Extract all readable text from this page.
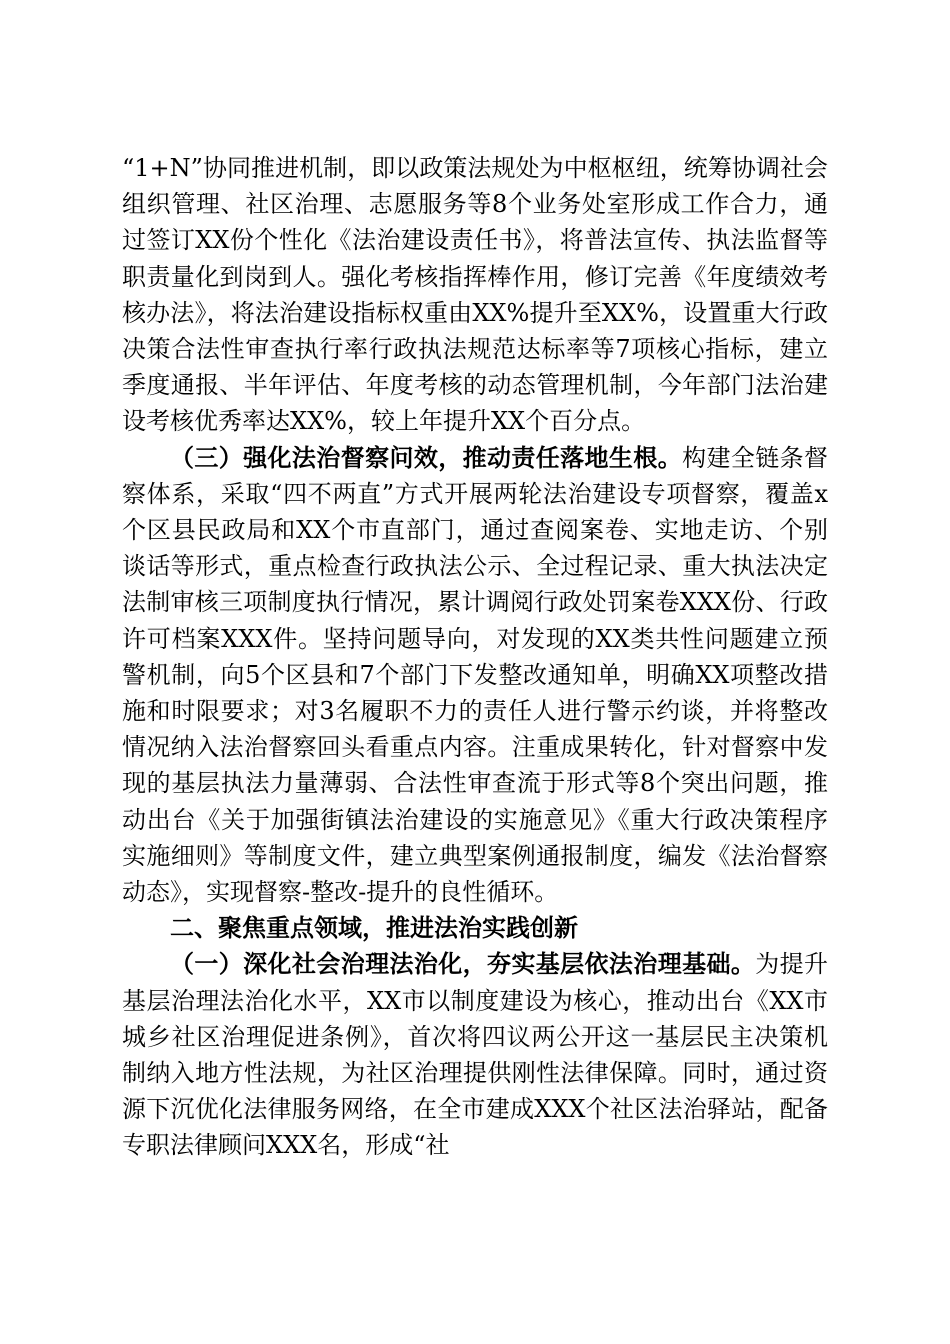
“1+N”协同推进机制，即以政策法规处为中枢枢纽，统筹协调社会组织管理、社区治理、志愿服务等8个业务处室形成工作合力，通过签订XX份个性化《法治建设责任书》，将普法宣传、执法监督等职责量化到岗到人。强化考核指挥棒作用，修订完善《年度绩效考核办法》，将法治建设指标权重由XX%提升至XX%，设置重大行政决策合法性审查执行率行政执法规范达标率等7项核心指标，建立季度通报、半年评估、年度考核的动态管理机制，今年部门法治建设考核优秀率达XX%，较上年提升XX个百分点。

（三）强化法治督察问效，推动责任落地生根。构建全链条督察体系，采取“四不两直”方式开展两轮法治建设专项督察，覆盖x个区县民政局和XX个市直部门，通过查阅案卷、实地走访、个别谈话等形式，重点检查行政执法公示、全过程记录、重大执法决定法制审核三项制度执行情况，累计调阅行政处罚案卷XXX份、行政许可档案XXX件。坚持问题导向，对发现的XX类共性问题建立预警机制，向5个区县和7个部门下发整改通知单，明确XX项整改措施和时限要求；对3名履职不力的责任人进行警示约谈，并将整改情况纳入法治督察回头看重点内容。注重成果转化，针对督察中发现的基层执法力量薄弱、合法性审查流于形式等8个突出问题，推动出台《关于加强街镇法治建设的实施意见》《重大行政决策程序实施细则》等制度文件，建立典型案例通报制度，编发《法治督察动态》，实现督察-整改-提升的良性循环。

二、聚焦重点领域，推进法治实践创新

（一）深化社会治理法治化，夯实基层依法治理基础。为提升基层治理法治化水平，XX市以制度建设为核心，推动出台《XX市城乡社区治理促进条例》，首次将四议两公开这一基层民主决策机制纳入地方性法规，为社区治理提供刚性法律保障。同时，通过资源下沉优化法律服务网络，在全市建成XXX个社区法治驿站，配备专职法律顾问XXX名，形成“社
